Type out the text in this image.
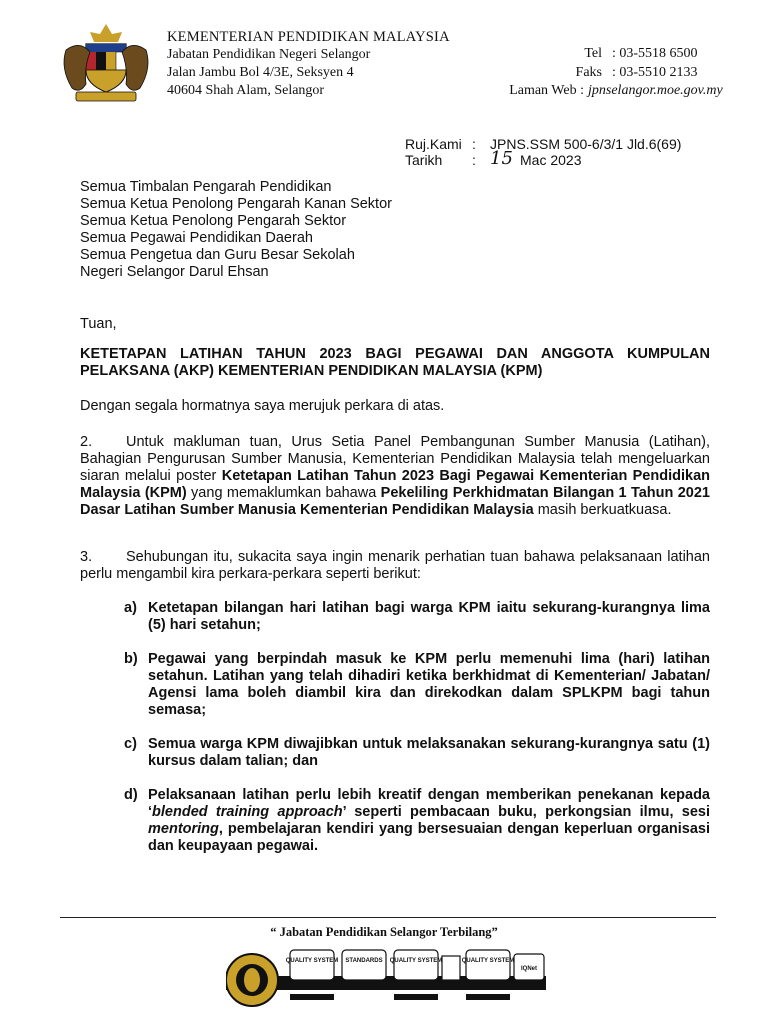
KEMENTERIAN PENDIDIKAN MALAYSIA
Jabatan Pendidikan Negeri Selangor
Jalan Jambu Bol 4/3E, Seksyen 4
40604 Shah Alam, Selangor
Tel : 03-5518 6500
Faks : 03-5510 2133
Laman Web : jpnselangor.moe.gov.my
Ruj.Kami : JPNS.SSM 500-6/3/1 Jld.6(69)
Tarikh : 15 Mac 2023
Semua Timbalan Pengarah Pendidikan
Semua Ketua Penolong Pengarah Kanan Sektor
Semua Ketua Penolong Pengarah Sektor
Semua Pegawai Pendidikan Daerah
Semua Pengetua dan Guru Besar Sekolah
Negeri Selangor Darul Ehsan
Tuan,
KETETAPAN LATIHAN TAHUN 2023 BAGI PEGAWAI DAN ANGGOTA KUMPULAN PELAKSANA (AKP) KEMENTERIAN PENDIDIKAN MALAYSIA (KPM)
Dengan segala hormatnya saya merujuk perkara di atas.
2. Untuk makluman tuan, Urus Setia Panel Pembangunan Sumber Manusia (Latihan), Bahagian Pengurusan Sumber Manusia, Kementerian Pendidikan Malaysia telah mengeluarkan siaran melalui poster Ketetapan Latihan Tahun 2023 Bagi Pegawai Kementerian Pendidikan Malaysia (KPM) yang memaklumkan bahawa Pekeliling Perkhidmatan Bilangan 1 Tahun 2021 Dasar Latihan Sumber Manusia Kementerian Pendidikan Malaysia masih berkuatkuasa.
3. Sehubungan itu, sukacita saya ingin menarik perhatian tuan bahawa pelaksanaan latihan perlu mengambil kira perkara-perkara seperti berikut:
a) Ketetapan bilangan hari latihan bagi warga KPM iaitu sekurang-kurangnya lima (5) hari setahun;
b) Pegawai yang berpindah masuk ke KPM perlu memenuhi lima (hari) latihan setahun. Latihan yang telah dihadiri ketika berkhidmat di Kementerian/ Jabatan/ Agensi lama boleh diambil kira dan direkodkan dalam SPLKPM bagi tahun semasa;
c) Semua warga KPM diwajibkan untuk melaksanakan sekurang-kurangnya satu (1) kursus dalam talian; dan
d) Pelaksanaan latihan perlu lebih kreatif dengan memberikan penekanan kepada ‘blended training approach’ seperti pembacaan buku, perkongsian ilmu, sesi mentoring, pembelajaran kendiri yang bersesuaian dengan keperluan organisasi dan keupayaan pegawai.
“ Jabatan Pendidikan Selangor Terbilang”
QUALITY SYSTEM STANDARDS QUALITY SYSTEM	QUALITY SYSTEM
IQNet
